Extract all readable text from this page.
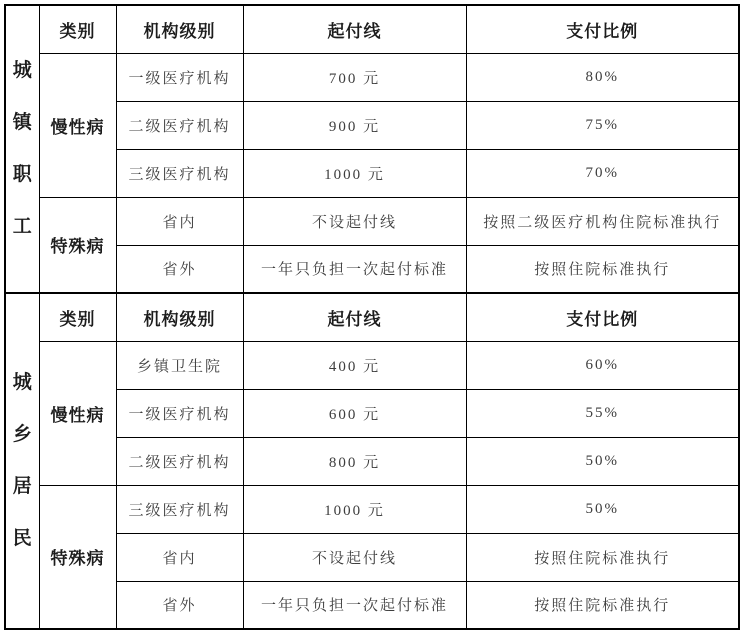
城镇职工	类别	机构级别	起付线	支付比例
	慢性病	一级医疗机构	700 元	80%
		二级医疗机构	900 元	75%
		三级医疗机构	1000 元	70%
	特殊病	省内	不设起付线	按照二级医疗机构住院标准执行
		省外	一年只负担一次起付标准	按照住院标准执行

城乡居民	类别	机构级别	起付线	支付比例
	慢性病	乡镇卫生院	400 元	60%
		一级医疗机构	600 元	55%
		二级医疗机构	800 元	50%
	特殊病	三级医疗机构	1000 元	50%
		省内	不设起付线	按照住院标准执行
		省外	一年只负担一次起付标准	按照住院标准执行
